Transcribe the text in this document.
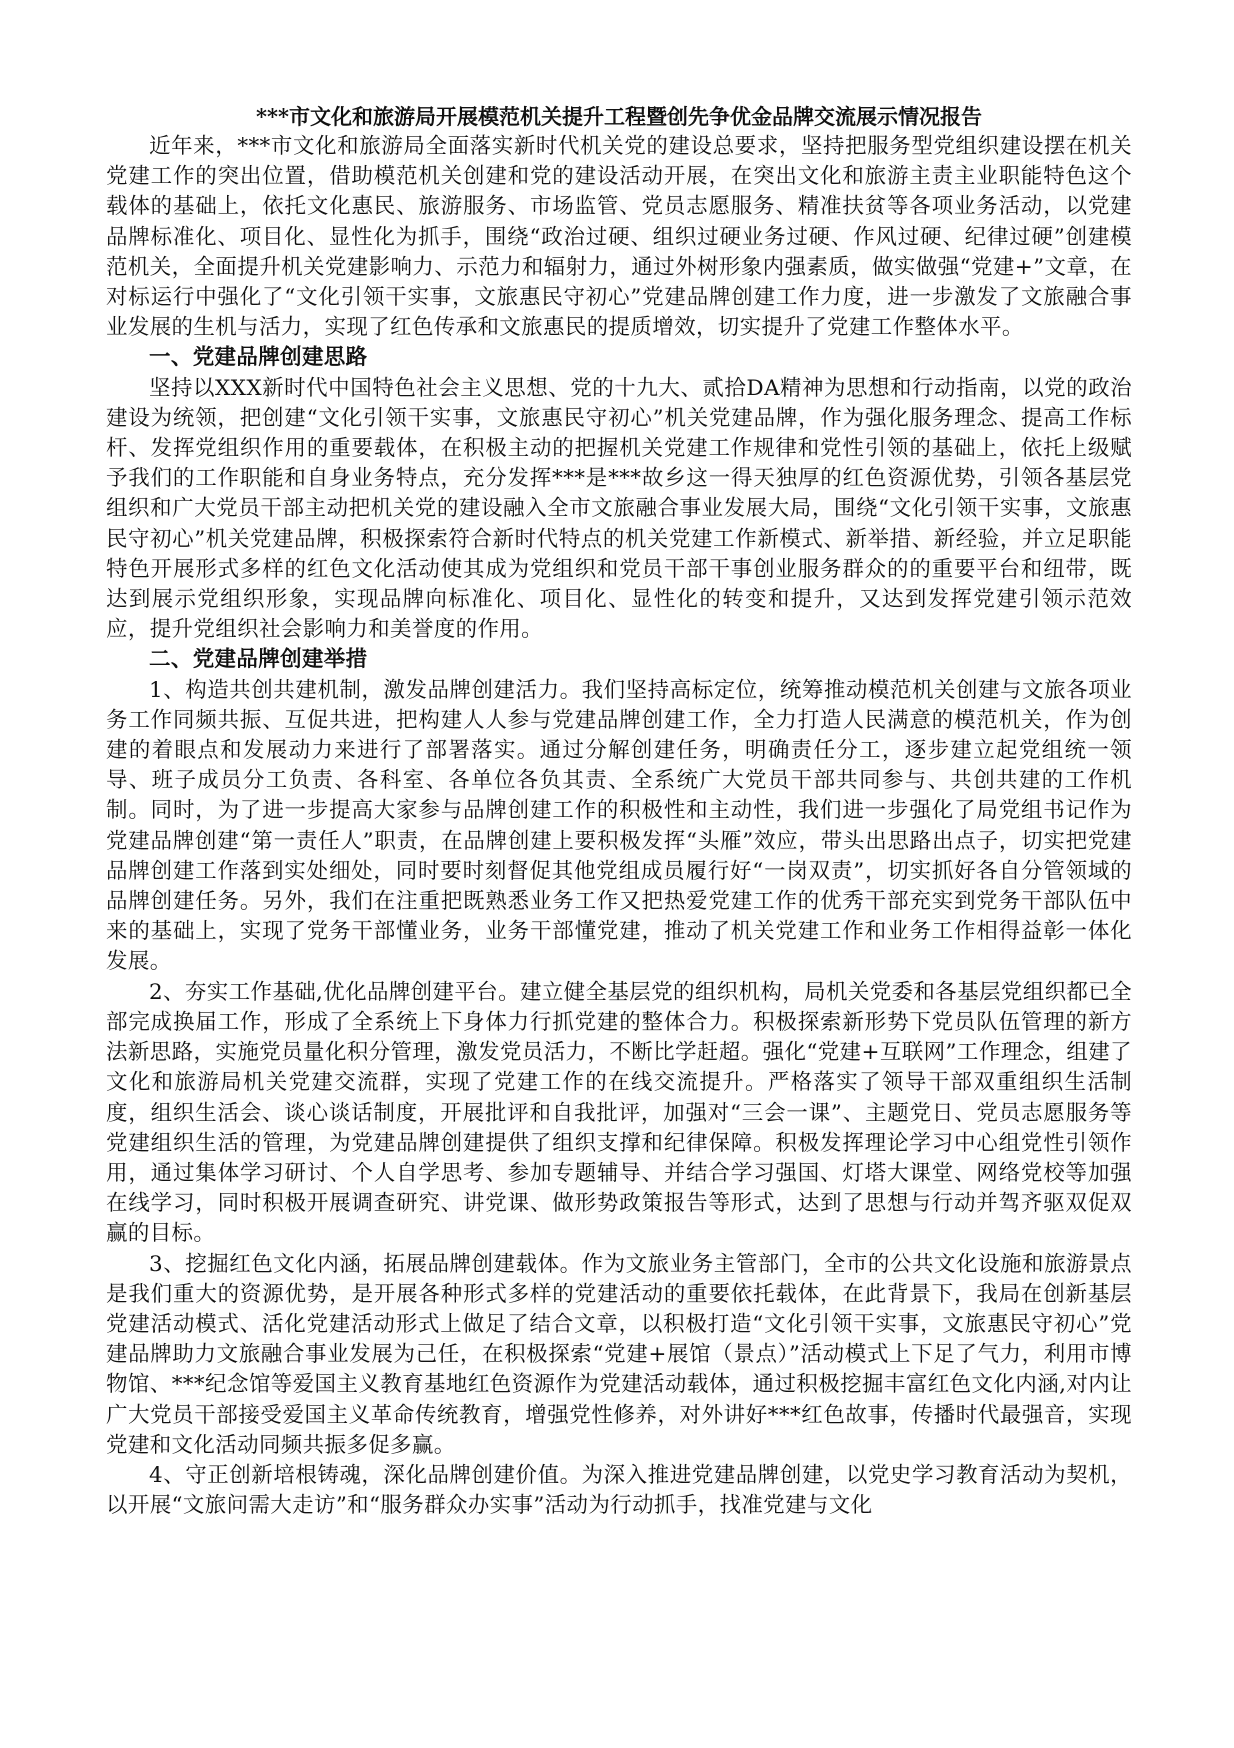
***市文化和旅游局开展模范机关提升工程暨创先争优金品牌交流展示情况报告

近年来，***市文化和旅游局全面落实新时代机关党的建设总要求，坚持把服务型党组织建设摆在机关党建工作的突出位置，借助模范机关创建和党的建设活动开展，在突出文化和旅游主责主业职能特色这个载体的基础上，依托文化惠民、旅游服务、市场监管、党员志愿服务、精准扶贫等各项业务活动，以党建品牌标准化、项目化、显性化为抓手，围绕“政治过硬、组织过硬业务过硬、作风过硬、纪律过硬”创建模范机关，全面提升机关党建影响力、示范力和辐射力，通过外树形象内强素质，做实做强“党建+”文章，在对标运行中强化了“文化引领干实事，文旅惠民守初心”党建品牌创建工作力度，进一步激发了文旅融合事业发展的生机与活力，实现了红色传承和文旅惠民的提质增效，切实提升了党建工作整体水平。

一、党建品牌创建思路

坚持以XXX新时代中国特色社会主义思想、党的十九大、贰拾DA精神为思想和行动指南，以党的政治建设为统领，把创建“文化引领干实事，文旅惠民守初心”机关党建品牌，作为强化服务理念、提高工作标杆、发挥党组织作用的重要载体，在积极主动的把握机关党建工作规律和党性引领的基础上，依托上级赋予我们的工作职能和自身业务特点，充分发挥***是***故乡这一得天独厚的红色资源优势，引领各基层党组织和广大党员干部主动把机关党的建设融入全市文旅融合事业发展大局，围绕“文化引领干实事，文旅惠民守初心”机关党建品牌，积极探索符合新时代特点的机关党建工作新模式、新举措、新经验，并立足职能特色开展形式多样的红色文化活动使其成为党组织和党员干部干事创业服务群众的的重要平台和纽带，既达到展示党组织形象，实现品牌向标准化、项目化、显性化的转变和提升，又达到发挥党建引领示范效应，提升党组织社会影响力和美誉度的作用。

二、党建品牌创建举措

1、构造共创共建机制，激发品牌创建活力。我们坚持高标定位，统筹推动模范机关创建与文旅各项业务工作同频共振、互促共进，把构建人人参与党建品牌创建工作，全力打造人民满意的模范机关，作为创建的着眼点和发展动力来进行了部署落实。通过分解创建任务，明确责任分工，逐步建立起党组统一领导、班子成员分工负责、各科室、各单位各负其责、全系统广大党员干部共同参与、共创共建的工作机制。同时，为了进一步提高大家参与品牌创建工作的积极性和主动性，我们进一步强化了局党组书记作为党建品牌创建“第一责任人”职责，在品牌创建上要积极发挥“头雁”效应，带头出思路出点子，切实把党建品牌创建工作落到实处细处，同时要时刻督促其他党组成员履行好“一岗双责”，切实抓好各自分管领域的品牌创建任务。另外，我们在注重把既熟悉业务工作又把热爱党建工作的优秀干部充实到党务干部队伍中来的基础上，实现了党务干部懂业务，业务干部懂党建，推动了机关党建工作和业务工作相得益彰一体化发展。

2、夯实工作基础,优化品牌创建平台。建立健全基层党的组织机构，局机关党委和各基层党组织都已全部完成换届工作，形成了全系统上下身体力行抓党建的整体合力。积极探索新形势下党员队伍管理的新方法新思路，实施党员量化积分管理，激发党员活力，不断比学赶超。强化“党建+互联网”工作理念，组建了文化和旅游局机关党建交流群，实现了党建工作的在线交流提升。严格落实了领导干部双重组织生活制度，组织生活会、谈心谈话制度，开展批评和自我批评，加强对“三会一课”、主题党日、党员志愿服务等党建组织生活的管理，为党建品牌创建提供了组织支撑和纪律保障。积极发挥理论学习中心组党性引领作用，通过集体学习研讨、个人自学思考、参加专题辅导、并结合学习强国、灯塔大课堂、网络党校等加强在线学习，同时积极开展调查研究、讲党课、做形势政策报告等形式，达到了思想与行动并驾齐驱双促双赢的目标。

3、挖掘红色文化内涵，拓展品牌创建载体。作为文旅业务主管部门，全市的公共文化设施和旅游景点是我们重大的资源优势，是开展各种形式多样的党建活动的重要依托载体，在此背景下，我局在创新基层党建活动模式、活化党建活动形式上做足了结合文章，以积极打造“文化引领干实事，文旅惠民守初心”党建品牌助力文旅融合事业发展为己任，在积极探索“党建+展馆（景点）”活动模式上下足了气力，利用市博物馆、***纪念馆等爱国主义教育基地红色资源作为党建活动载体，通过积极挖掘丰富红色文化内涵,对内让广大党员干部接受爱国主义革命传统教育，增强党性修养，对外讲好***红色故事，传播时代最强音，实现党建和文化活动同频共振多促多赢。

4、守正创新培根铸魂，深化品牌创建价值。为深入推进党建品牌创建，以党史学习教育活动为契机，以开展“文旅问需大走访”和“服务群众办实事”活动为行动抓手，找准党建与文化
